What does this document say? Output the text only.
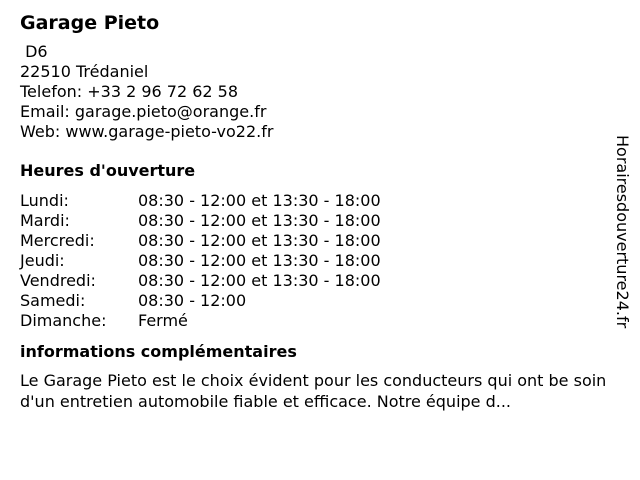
Garage Pieto
D6
22510 Trédaniel
Telefon: +33 2 96 72 62 58
Email: garage.pieto@orange.fr
Web: www.garage-pieto-vo22.fr
Heures d'ouverture
Lundi:	08:30 - 12:00 et 13:30 - 18:00
Mardi:	08:30 - 12:00 et 13:30 - 18:00
Mercredi:	08:30 - 12:00 et 13:30 - 18:00
Jeudi:	08:30 - 12:00 et 13:30 - 18:00
Vendredi:	08:30 - 12:00 et 13:30 - 18:00
Samedi:	08:30 - 12:00
Dimanche:	Fermé
informations complémentaires
Le Garage Pieto est le choix évident pour les conducteurs qui ont be soin d'un entretien automobile fiable et efficace. Notre équipe d...
Horairesdouverture24.fr
